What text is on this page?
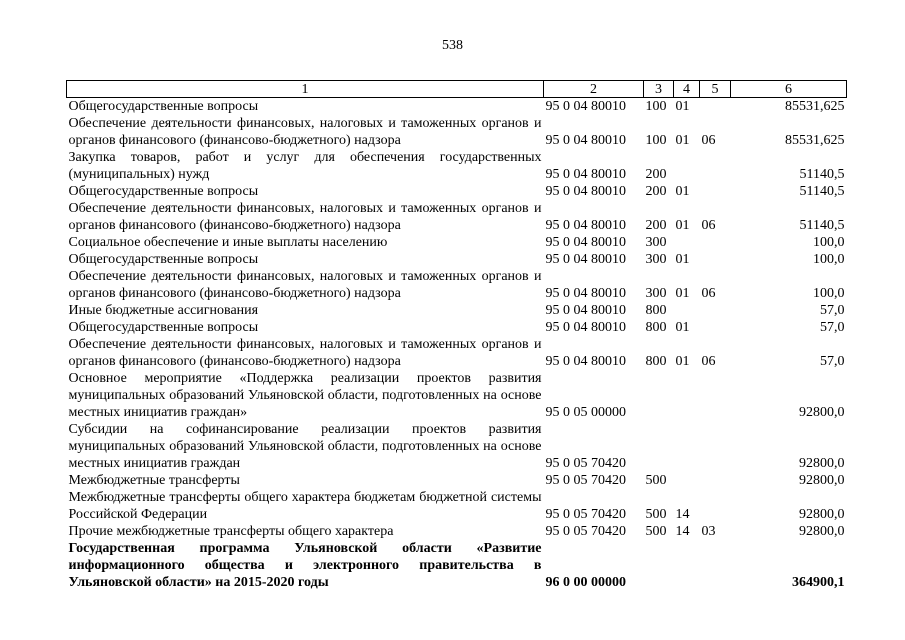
538
1	2	3	4	5	6
Общегосударственные вопросы	95 0 04 80010	100	01		85531,625
Обеспечение деятельности финансовых, налоговых и таможенных органов и органов финансового (финансово-бюджетного) надзора	95 0 04 80010	100	01	06	85531,625
Закупка товаров, работ и услуг для обеспечения государственных (муниципальных) нужд	95 0 04 80010	200			51140,5
Общегосударственные вопросы	95 0 04 80010	200	01		51140,5
Обеспечение деятельности финансовых, налоговых и таможенных органов и органов финансового (финансово-бюджетного) надзора	95 0 04 80010	200	01	06	51140,5
Социальное обеспечение и иные выплаты населению	95 0 04 80010	300			100,0
Общегосударственные вопросы	95 0 04 80010	300	01		100,0
Обеспечение деятельности финансовых, налоговых и таможенных органов и органов финансового (финансово-бюджетного) надзора	95 0 04 80010	300	01	06	100,0
Иные бюджетные ассигнования	95 0 04 80010	800			57,0
Общегосударственные вопросы	95 0 04 80010	800	01		57,0
Обеспечение деятельности финансовых, налоговых и таможенных органов и органов финансового (финансово-бюджетного) надзора	95 0 04 80010	800	01	06	57,0
Основное мероприятие «Поддержка реализации проектов развития муниципальных образований Ульяновской области, подготовленных на основе местных инициатив граждан»	95 0 05 00000				92800,0
Субсидии на софинансирование реализации проектов развития муниципальных образований Ульяновской области, подготовленных на основе местных инициатив граждан	95 0 05 70420				92800,0
Межбюджетные трансферты	95 0 05 70420	500			92800,0
Межбюджетные трансферты общего характера бюджетам бюджетной системы Российской Федерации	95 0 05 70420	500	14		92800,0
Прочие межбюджетные трансферты общего характера	95 0 05 70420	500	14	03	92800,0
Государственная программа Ульяновской области «Развитие информационного общества и электронного правительства в Ульяновской области» на 2015-2020 годы	96 0 00 00000				364900,1
